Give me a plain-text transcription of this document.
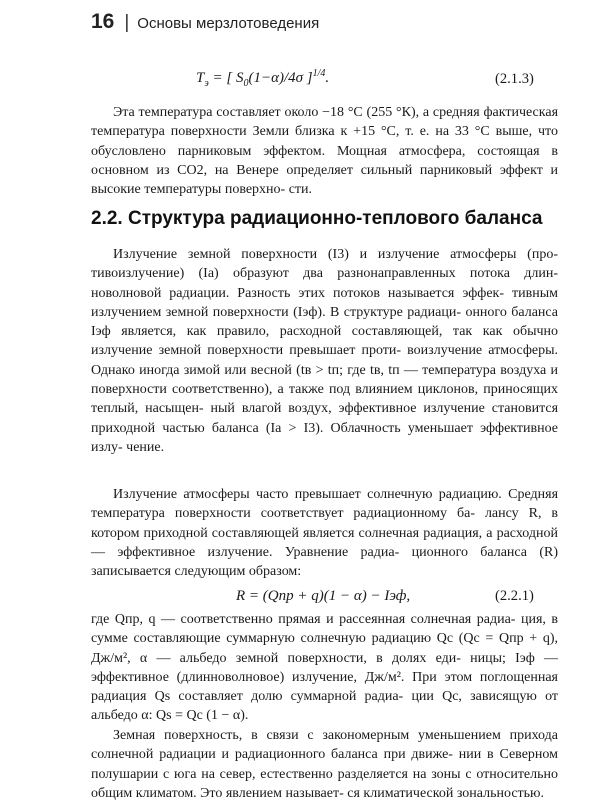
16 | Основы мерзлотоведения
$T_э$ = [ $S_0(1-\alpha)/4\sigma$ ]$^{1/4}$.	(2.1.3)

Эта температура составляет около −18 °С (255 °К), а средняя фактическая температура поверхности Земли близка к +15 °С, т. е. на 33 °С выше, что обусловлено парниковым эффектом. Мощная атмосфера, состоящая в основном из CO2, на Венере определяет сильный парниковый эффект и высокие температуры поверхно- сти.

2.2. Структура радиационно-теплового баланса

Излучение земной поверхности (I3) и излучение атмосферы (про- тивоизлучение) (Iа) образуют два разнонаправленных потока длин- новолновой радиации. Разность этих потоков называется эффек- тивным излучением земной поверхности (Iэф). В структуре радиаци- онного баланса Iэф является, как правило, расходной составляющей, так как обычно излучение земной поверхности превышает проти- воизлучение атмосферы. Однако иногда зимой или весной (tв > tп; где tв, tп — температура воздуха и поверхности соответственно), а также под влиянием циклонов, приносящих теплый, насыщен- ный влагой воздух, эффективное излучение становится приходной частью баланса (Iа > I3). Облачность уменьшает эффективное излу- чение.

Излучение атмосферы часто превышает солнечную радиацию. Средняя температура поверхности соответствует радиационному ба- лансу R, в котором приходной составляющей является солнечная радиация, а расходной — эффективное излучение. Уравнение радиа- ционного баланса (R) записывается следующим образом:

R = (Qпр + q)(1 − α) − Iэф,	(2.2.1)

где Qпр, q — соответственно прямая и рассеянная солнечная радиа- ция, в сумме составляющие суммарную солнечную радиацию Qс (Qс = Qпр + q), Дж/м², α — альбедо земной поверхности, в долях еди- ницы; Iэф — эффективное (длинноволновое) излучение, Дж/м². При этом поглощенная радиация Qs составляет долю суммарной радиа- ции Qс, зависящую от альбедо α: Qs = Qс (1 − α).

Земная поверхность, в связи с закономерным уменьшением прихода солнечной радиации и радиационного баланса при движе- нии в Северном полушарии с юга на север, естественно разделяется на зоны с относительно общим климатом. Это явлением называет- ся климатической зональностью.
